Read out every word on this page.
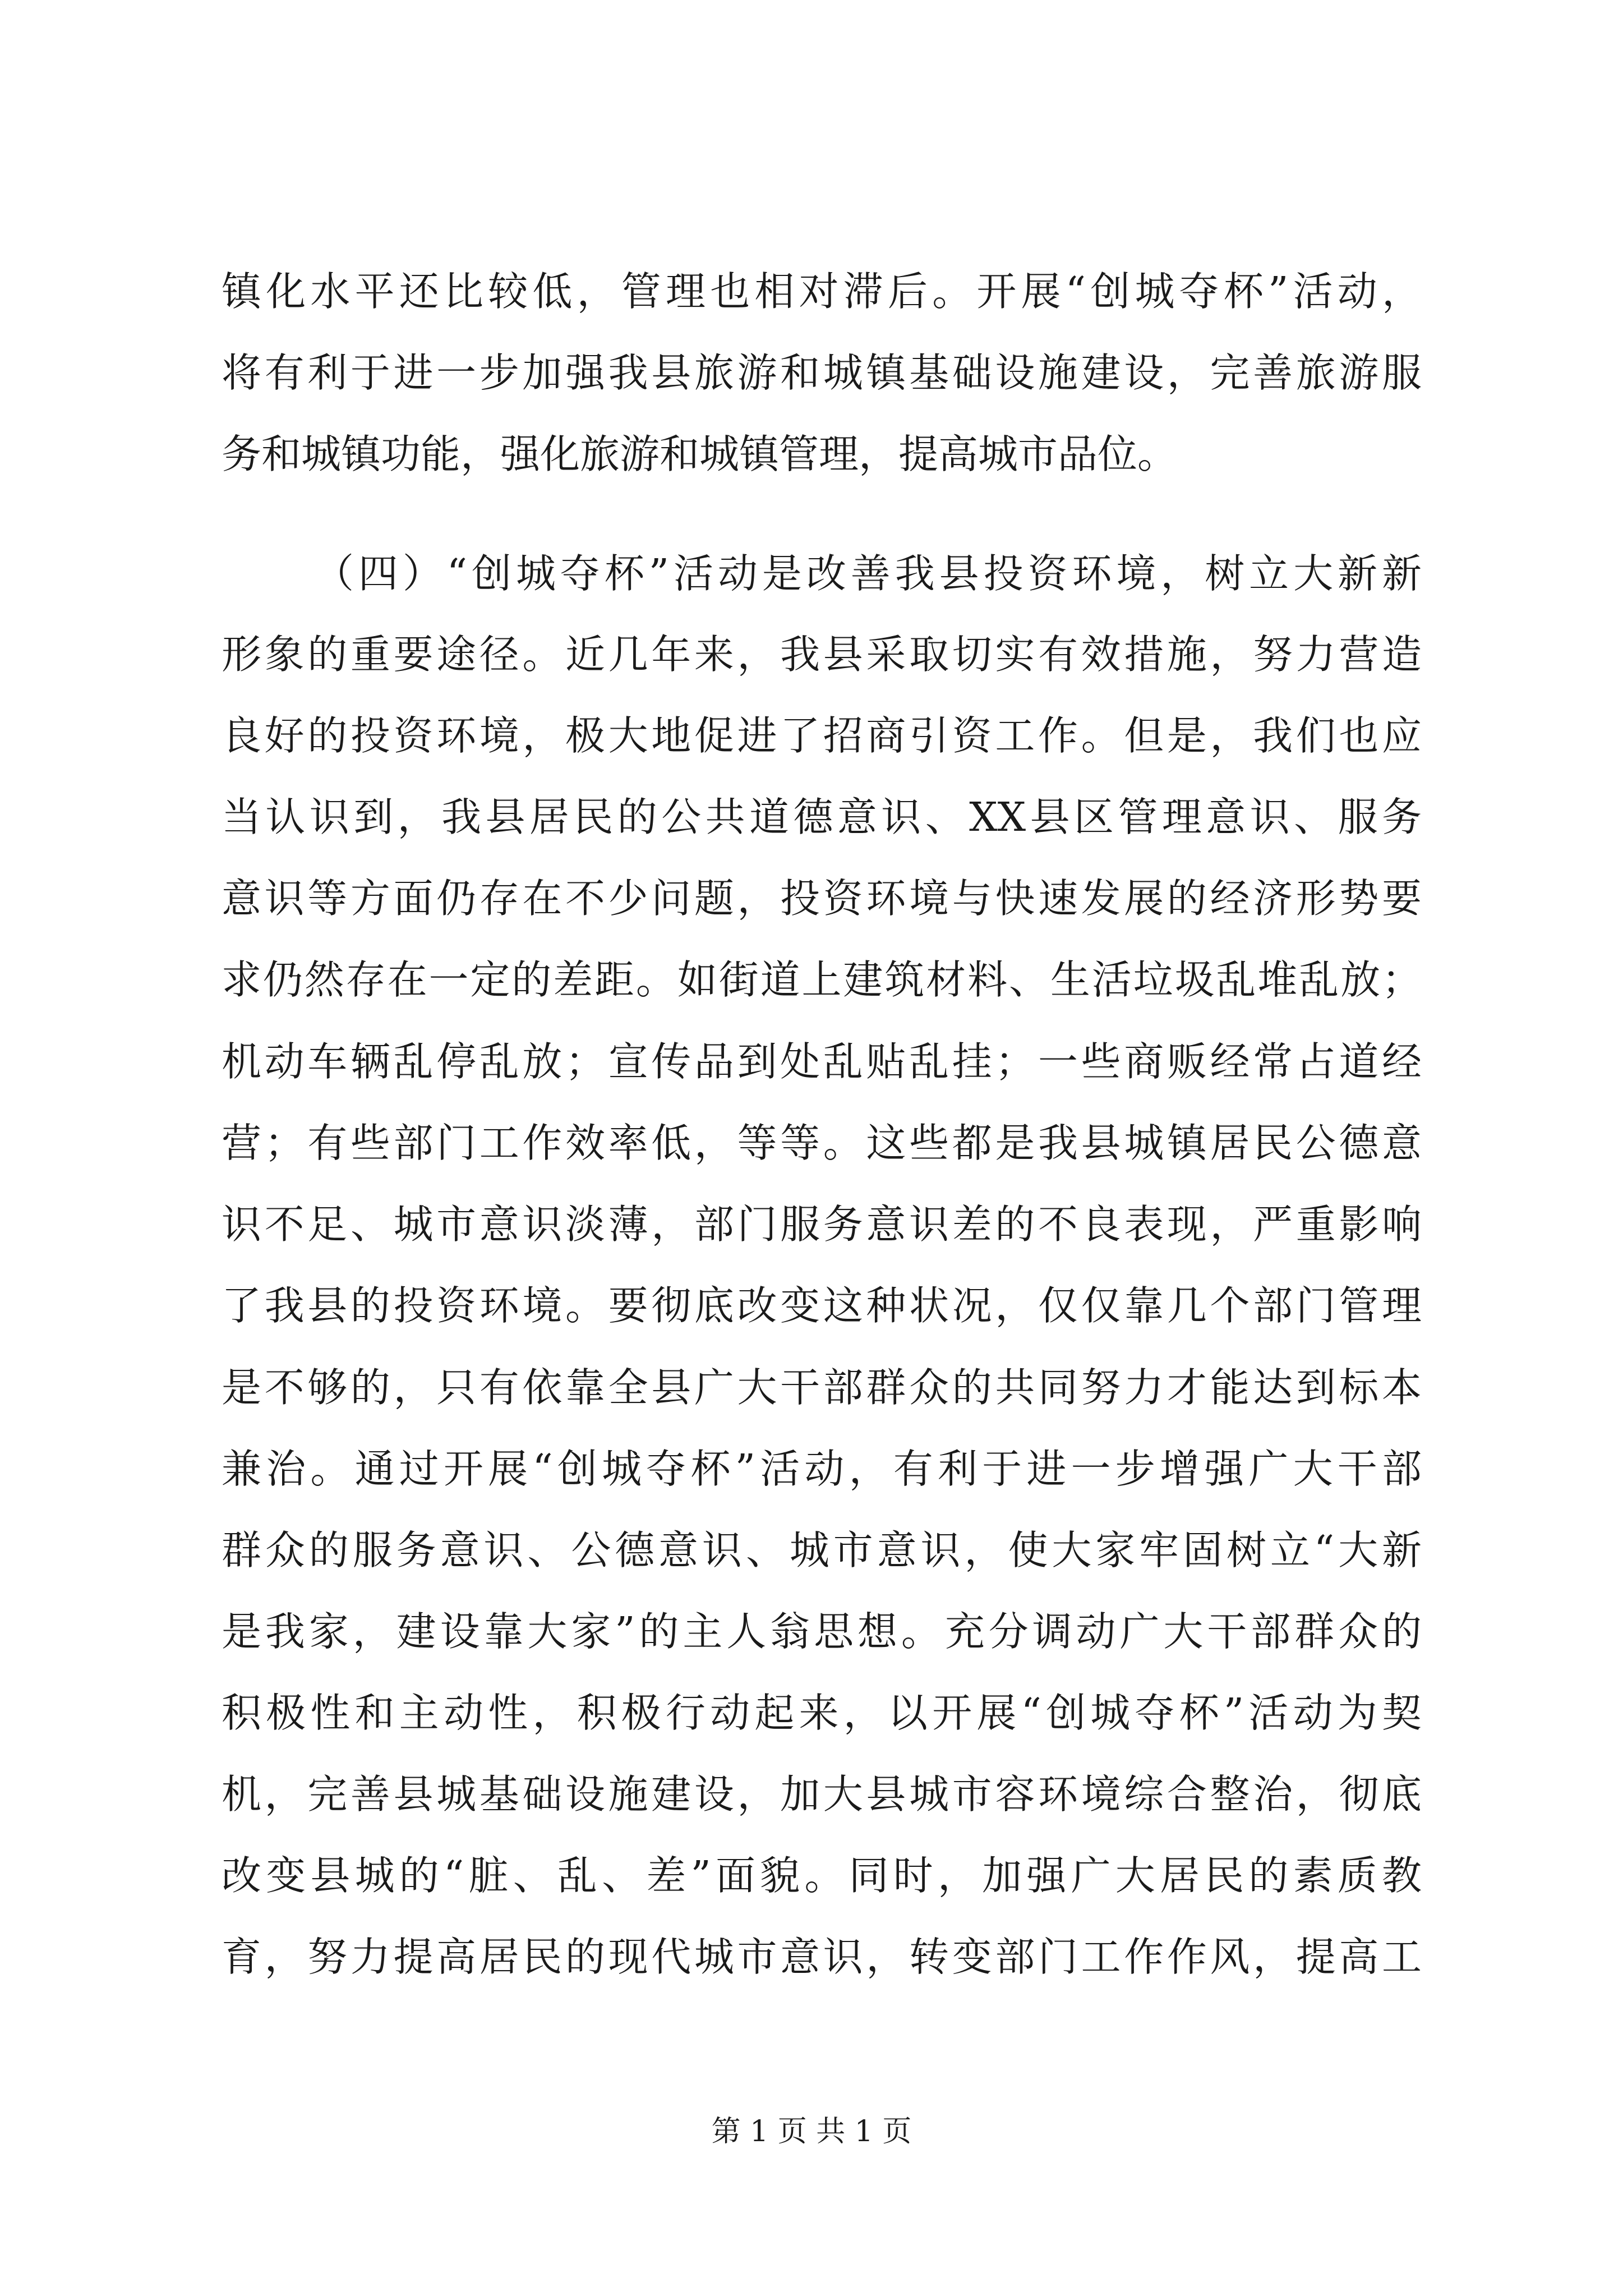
镇化水平还比较低，管理也相对滞后。开展“创城夺杯”活动，
将有利于进一步加强我县旅游和城镇基础设施建设，完善旅游服
务和城镇功能，强化旅游和城镇管理，提高城市品位。
（四）“创城夺杯”活动是改善我县投资环境，树立大新新
形象的重要途径。近几年来，我县采取切实有效措施，努力营造
良好的投资环境，极大地促进了招商引资工作。但是，我们也应
当认识到，我县居民的公共道德意识、XX县区管理意识、服务
意识等方面仍存在不少问题，投资环境与快速发展的经济形势要
求仍然存在一定的差距。如街道上建筑材料、生活垃圾乱堆乱放；
机动车辆乱停乱放；宣传品到处乱贴乱挂；一些商贩经常占道经
营；有些部门工作效率低，等等。这些都是我县城镇居民公德意
识不足、城市意识淡薄，部门服务意识差的不良表现，严重影响
了我县的投资环境。要彻底改变这种状况，仅仅靠几个部门管理
是不够的，只有依靠全县广大干部群众的共同努力才能达到标本
兼治。通过开展“创城夺杯”活动，有利于进一步增强广大干部
群众的服务意识、公德意识、城市意识，使大家牢固树立“大新
是我家，建设靠大家”的主人翁思想。充分调动广大干部群众的
积极性和主动性，积极行动起来，以开展“创城夺杯”活动为契
机，完善县城基础设施建设，加大县城市容环境综合整治，彻底
改变县城的“脏、乱、差”面貌。同时，加强广大居民的素质教
育，努力提高居民的现代城市意识，转变部门工作作风，提高工
第 1 页 共 1 页
